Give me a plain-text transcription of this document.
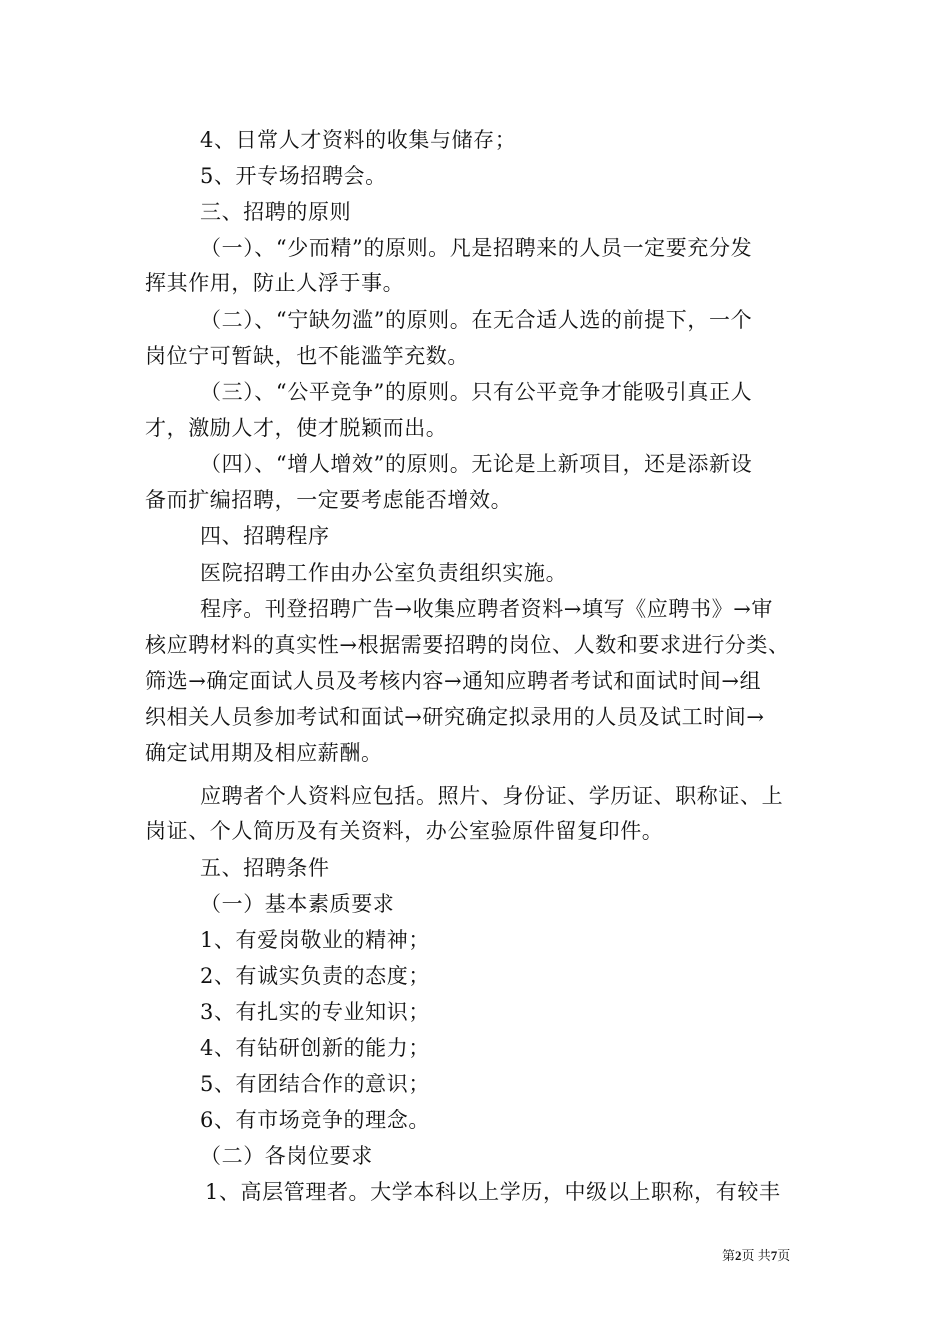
4、日常人才资料的收集与储存；
5、开专场招聘会。
三、招聘的原则
（一）、“少而精”的原则。凡是招聘来的人员一定要充分发
挥其作用，防止人浮于事。
（二）、“宁缺勿滥”的原则。在无合适人选的前提下，一个
岗位宁可暂缺，也不能滥竽充数。
（三）、“公平竞争”的原则。只有公平竞争才能吸引真正人
才，激励人才，使才脱颖而出。
（四）、“增人增效”的原则。无论是上新项目，还是添新设
备而扩编招聘，一定要考虑能否增效。
四、招聘程序
医院招聘工作由办公室负责组织实施。
程序。刊登招聘广告→收集应聘者资料→填写《应聘书》→审
核应聘材料的真实性→根据需要招聘的岗位、人数和要求进行分类、
筛选→确定面试人员及考核内容→通知应聘者考试和面试时间→组
织相关人员参加考试和面试→研究确定拟录用的人员及试工时间→
确定试用期及相应薪酬。
应聘者个人资料应包括。照片、身份证、学历证、职称证、上
岗证、个人简历及有关资料，办公室验原件留复印件。
五、招聘条件
（一）基本素质要求
1、有爱岗敬业的精神；
2、有诚实负责的态度；
3、有扎实的专业知识；
4、有钻研创新的能力；
5、有团结合作的意识；
6、有市场竞争的理念。
（二）各岗位要求
1、高层管理者。大学本科以上学历，中级以上职称，有较丰
第2页 共7页
